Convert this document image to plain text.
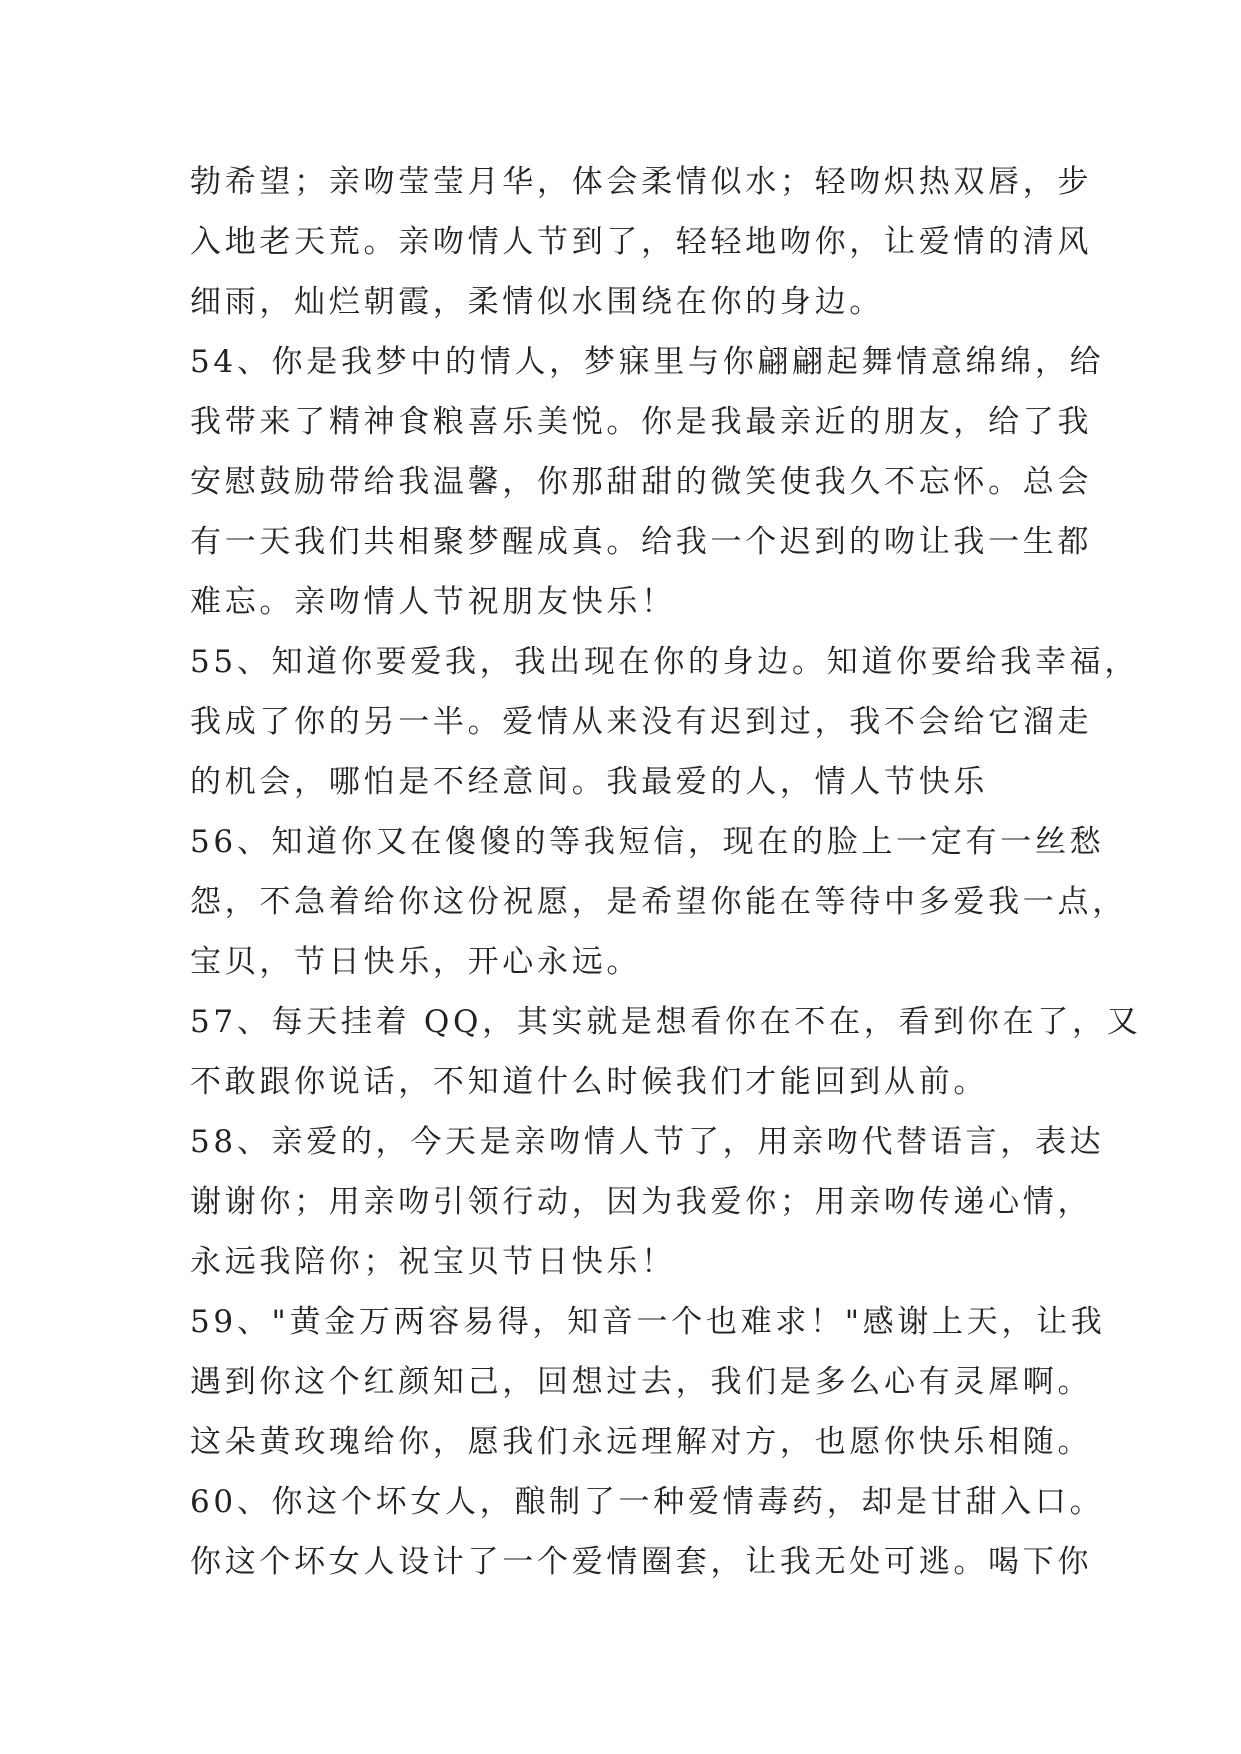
勃希望；亲吻莹莹月华，体会柔情似水；轻吻炽热双唇，步
入地老天荒。亲吻情人节到了，轻轻地吻你，让爱情的清风
细雨，灿烂朝霞，柔情似水围绕在你的身边。
54、你是我梦中的情人，梦寐里与你翩翩起舞情意绵绵，给
我带来了精神食粮喜乐美悦。你是我最亲近的朋友，给了我
安慰鼓励带给我温馨，你那甜甜的微笑使我久不忘怀。总会
有一天我们共相聚梦醒成真。给我一个迟到的吻让我一生都
难忘。亲吻情人节祝朋友快乐！
55、知道你要爱我，我出现在你的身边。知道你要给我幸福，
我成了你的另一半。爱情从来没有迟到过，我不会给它溜走
的机会，哪怕是不经意间。我最爱的人，情人节快乐
56、知道你又在傻傻的等我短信，现在的脸上一定有一丝愁
怨，不急着给你这份祝愿，是希望你能在等待中多爱我一点，
宝贝，节日快乐，开心永远。
57、每天挂着 QQ，其实就是想看你在不在，看到你在了，又
不敢跟你说话，不知道什么时候我们才能回到从前。
58、亲爱的，今天是亲吻情人节了，用亲吻代替语言，表达
谢谢你；用亲吻引领行动，因为我爱你；用亲吻传递心情，
永远我陪你；祝宝贝节日快乐！
59、"黄金万两容易得，知音一个也难求！"感谢上天，让我
遇到你这个红颜知己，回想过去，我们是多么心有灵犀啊。
这朵黄玫瑰给你，愿我们永远理解对方，也愿你快乐相随。
60、你这个坏女人，酿制了一种爱情毒药，却是甘甜入口。
你这个坏女人设计了一个爱情圈套，让我无处可逃。喝下你
